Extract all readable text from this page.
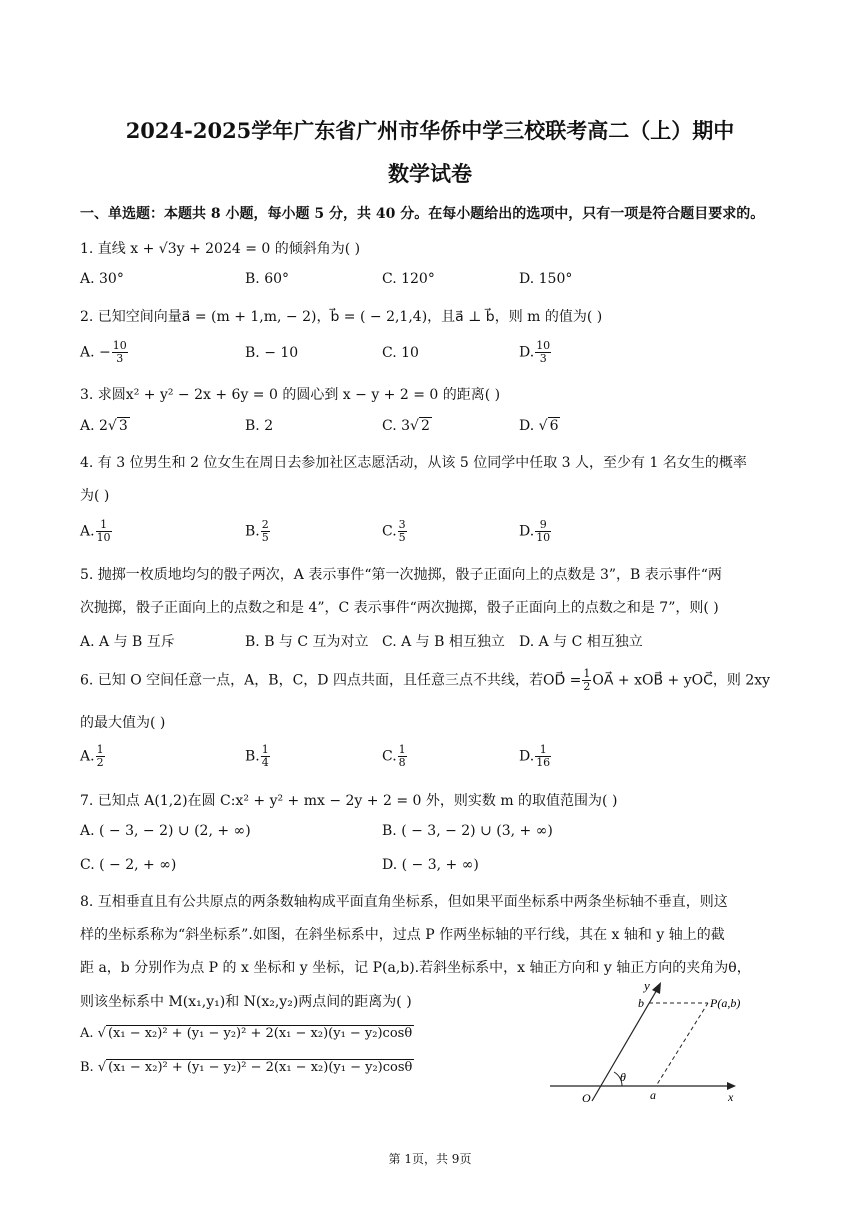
2024-2025学年广东省广州市华侨中学三校联考高二（上）期中
数学试卷
一、单选题：本题共 8 小题，每小题 5 分，共 40 分。在每小题给出的选项中，只有一项是符合题目要求的。
1. 直线 x + √3y + 2024 = 0 的倾斜角为( )
A. 30°	B. 60°	C. 120°	D. 150°
2. 已知空间向量a⃗ = (m + 1,m, − 2)，b⃗ = ( − 2,1,4)，且a⃗ ⊥ b⃗，则 m 的值为( )
A. − $\frac{10}{3}$	B. − 10	C. 10	D. $\frac{10}{3}$
3. 求圆x² + y² − 2x + 6y = 0 的圆心到 x − y + 2 = 0 的距离( )
A. 2√ 3	B. 2	C. 3√ 2	D. √ 6
4. 有 3 位男生和 2 位女生在周日去参加社区志愿活动，从该 5 位同学中任取 3 人，至少有 1 名女生的概率
为( )
A. $\frac{1}{10}$	B. $\frac{2}{5}$	C. $\frac{3}{5}$	D. $\frac{9}{10}$
5. 抛掷一枚质地均匀的骰子两次，A 表示事件“第一次抛掷，骰子正面向上的点数是 3”，B 表示事件“两
次抛掷，骰子正面向上的点数之和是 4”，C 表示事件“两次抛掷，骰子正面向上的点数之和是 7”，则( )
A. A 与 B 互斥	B. B 与 C 互为对立 C. A 与 B 相互独立 D. A 与 C 相互独立
6. 已知 O 空间任意一点，A，B，C，D 四点共面，且任意三点不共线，若OD⃗ = $\frac{1}{2}$ OA⃗ + xOB⃗ + yOC⃗，则 2xy
的最大值为( )
A. $\frac{1}{2}$	B. $\frac{1}{4}$	C. $\frac{1}{8}$	D. $\frac{1}{16}$
7. 已知点 A(1,2)在圆 C:x² + y² + mx − 2y + 2 = 0 外，则实数 m 的取值范围为( )
A. ( − 3, − 2) ∪ (2, + ∞)	B. ( − 3, − 2) ∪ (3, + ∞)
C. ( − 2, + ∞)	D. ( − 3, + ∞)
8. 互相垂直且有公共原点的两条数轴构成平面直角坐标系，但如果平面坐标系中两条坐标轴不垂直，则这
样的坐标系称为“斜坐标系”.如图，在斜坐标系中，过点 P 作两坐标轴的平行线，其在 x 轴和 y 轴上的截
距 a，b 分别作为点 P 的 x 坐标和 y 坐标，记 P(a,b).若斜坐标系中，x 轴正方向和 y 轴正方向的夹角为θ，
则该坐标系中 M(x₁,y₁)和 N(x₂,y₂)两点间的距离为( )
A. √ (x₁ − x₂)² + (y₁ − y₂)² + 2(x₁ − x₂)(y₁ − y₂)cosθ
B. √ (x₁ − x₂)² + (y₁ − y₂)² − 2(x₁ − x₂)(y₁ − y₂)cosθ
y
b	P(a,b)
θ
O	a	x
第 1页，共 9页
